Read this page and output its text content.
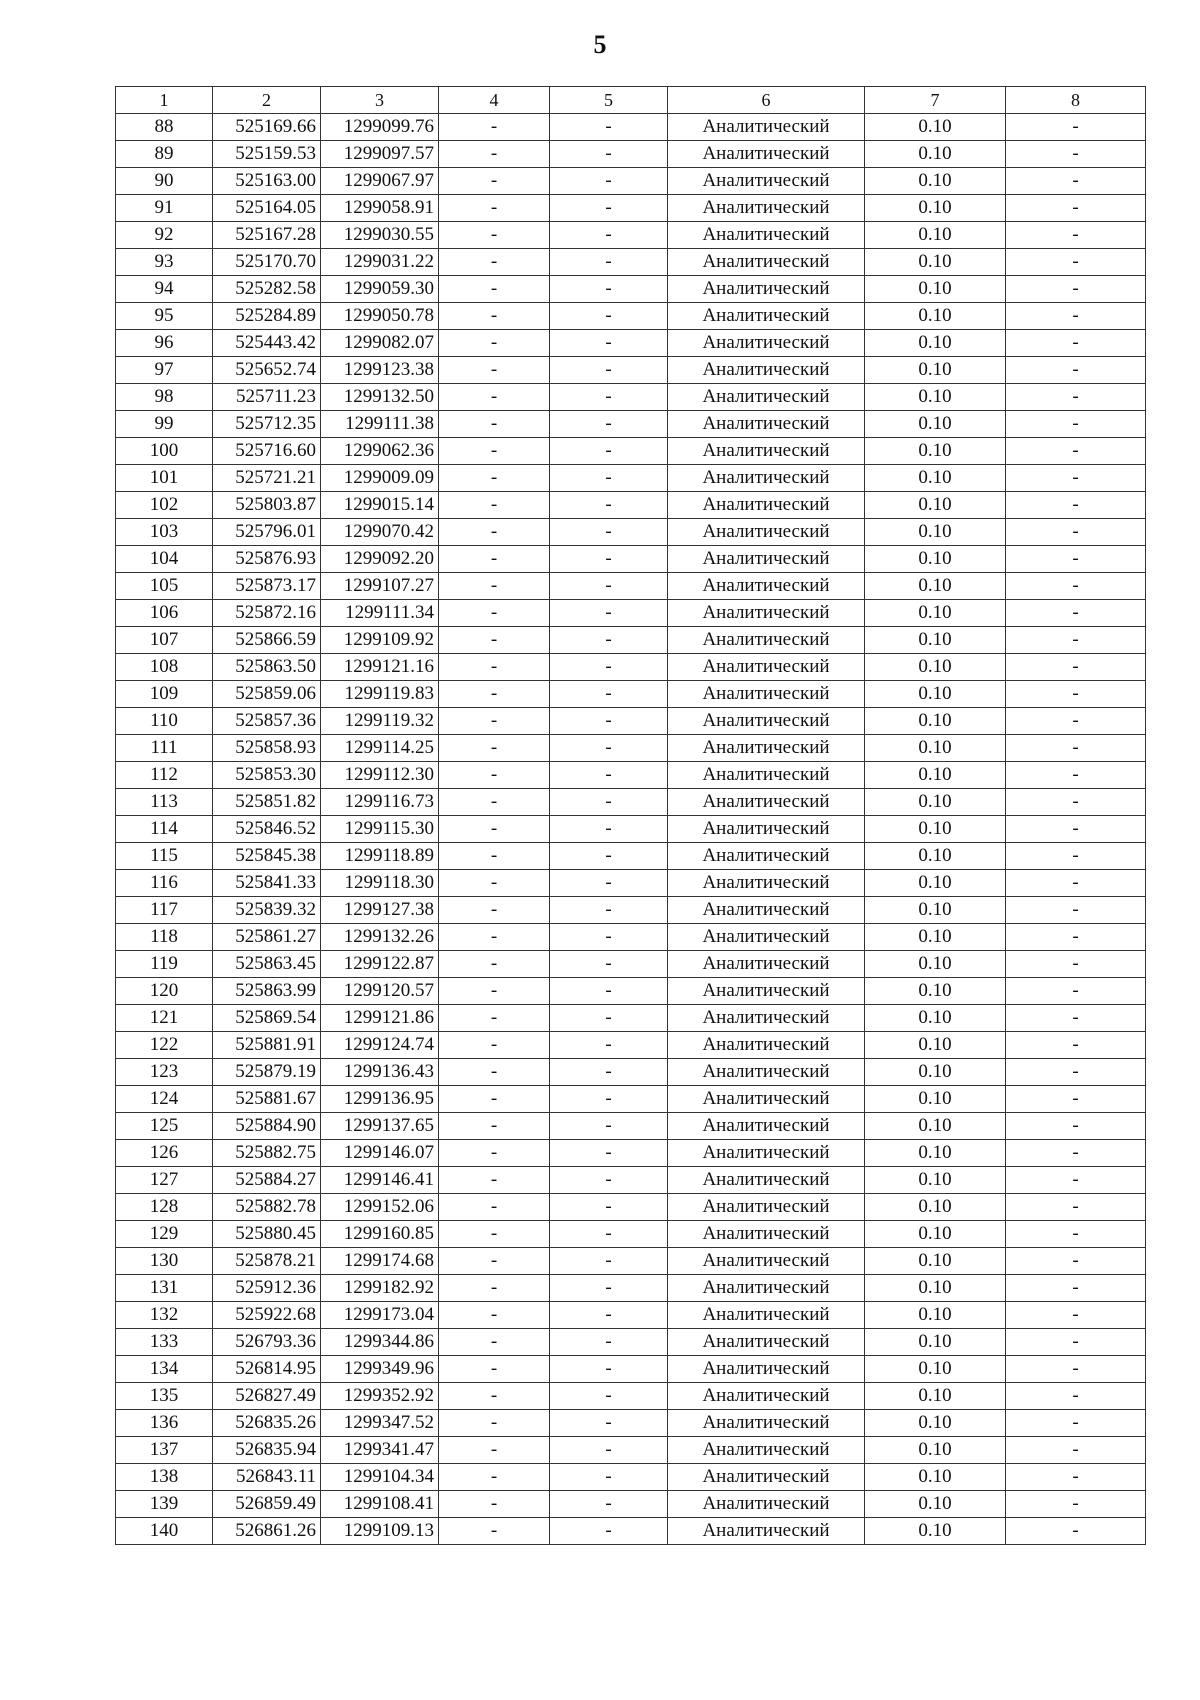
5
1	2	3	4	5	6	7	8
88	525169.66	1299099.76	-	-	Аналитический	0.10	-
89	525159.53	1299097.57	-	-	Аналитический	0.10	-
90	525163.00	1299067.97	-	-	Аналитический	0.10	-
91	525164.05	1299058.91	-	-	Аналитический	0.10	-
92	525167.28	1299030.55	-	-	Аналитический	0.10	-
93	525170.70	1299031.22	-	-	Аналитический	0.10	-
94	525282.58	1299059.30	-	-	Аналитический	0.10	-
95	525284.89	1299050.78	-	-	Аналитический	0.10	-
96	525443.42	1299082.07	-	-	Аналитический	0.10	-
97	525652.74	1299123.38	-	-	Аналитический	0.10	-
98	525711.23	1299132.50	-	-	Аналитический	0.10	-
99	525712.35	1299111.38	-	-	Аналитический	0.10	-
100	525716.60	1299062.36	-	-	Аналитический	0.10	-
101	525721.21	1299009.09	-	-	Аналитический	0.10	-
102	525803.87	1299015.14	-	-	Аналитический	0.10	-
103	525796.01	1299070.42	-	-	Аналитический	0.10	-
104	525876.93	1299092.20	-	-	Аналитический	0.10	-
105	525873.17	1299107.27	-	-	Аналитический	0.10	-
106	525872.16	1299111.34	-	-	Аналитический	0.10	-
107	525866.59	1299109.92	-	-	Аналитический	0.10	-
108	525863.50	1299121.16	-	-	Аналитический	0.10	-
109	525859.06	1299119.83	-	-	Аналитический	0.10	-
110	525857.36	1299119.32	-	-	Аналитический	0.10	-
111	525858.93	1299114.25	-	-	Аналитический	0.10	-
112	525853.30	1299112.30	-	-	Аналитический	0.10	-
113	525851.82	1299116.73	-	-	Аналитический	0.10	-
114	525846.52	1299115.30	-	-	Аналитический	0.10	-
115	525845.38	1299118.89	-	-	Аналитический	0.10	-
116	525841.33	1299118.30	-	-	Аналитический	0.10	-
117	525839.32	1299127.38	-	-	Аналитический	0.10	-
118	525861.27	1299132.26	-	-	Аналитический	0.10	-
119	525863.45	1299122.87	-	-	Аналитический	0.10	-
120	525863.99	1299120.57	-	-	Аналитический	0.10	-
121	525869.54	1299121.86	-	-	Аналитический	0.10	-
122	525881.91	1299124.74	-	-	Аналитический	0.10	-
123	525879.19	1299136.43	-	-	Аналитический	0.10	-
124	525881.67	1299136.95	-	-	Аналитический	0.10	-
125	525884.90	1299137.65	-	-	Аналитический	0.10	-
126	525882.75	1299146.07	-	-	Аналитический	0.10	-
127	525884.27	1299146.41	-	-	Аналитический	0.10	-
128	525882.78	1299152.06	-	-	Аналитический	0.10	-
129	525880.45	1299160.85	-	-	Аналитический	0.10	-
130	525878.21	1299174.68	-	-	Аналитический	0.10	-
131	525912.36	1299182.92	-	-	Аналитический	0.10	-
132	525922.68	1299173.04	-	-	Аналитический	0.10	-
133	526793.36	1299344.86	-	-	Аналитический	0.10	-
134	526814.95	1299349.96	-	-	Аналитический	0.10	-
135	526827.49	1299352.92	-	-	Аналитический	0.10	-
136	526835.26	1299347.52	-	-	Аналитический	0.10	-
137	526835.94	1299341.47	-	-	Аналитический	0.10	-
138	526843.11	1299104.34	-	-	Аналитический	0.10	-
139	526859.49	1299108.41	-	-	Аналитический	0.10	-
140	526861.26	1299109.13	-	-	Аналитический	0.10	-
